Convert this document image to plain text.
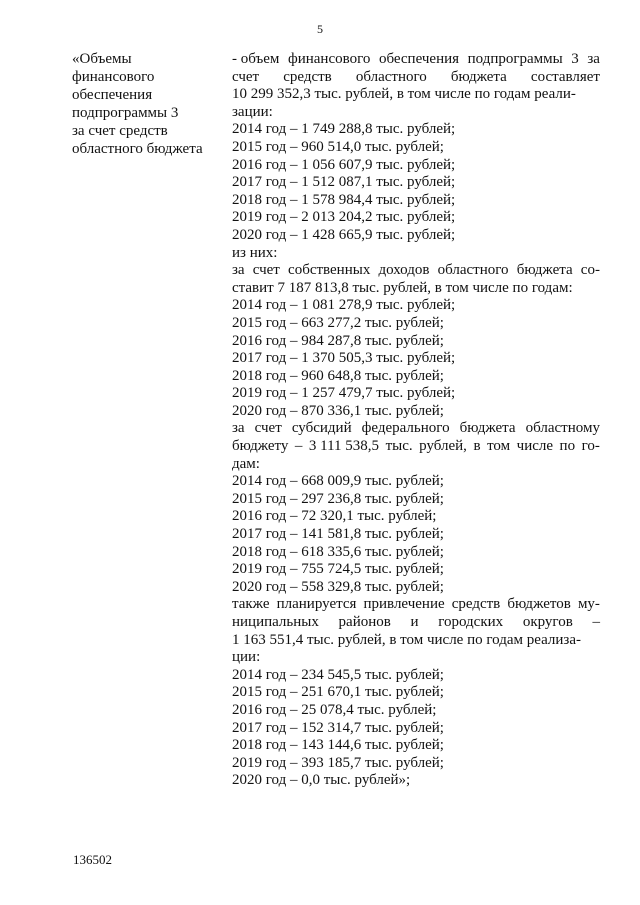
5
«Объемы
финансового
обеспечения
подпрограммы 3
за счет средств
областного бюджета
- объем финансового обеспечения подпрограммы 3 за
счет средств областного бюджета составляет
10 299 352,3 тыс. рублей, в том числе по годам реали-
зации:
2014 год – 1 749 288,8 тыс. рублей;
2015 год – 960 514,0 тыс. рублей;
2016 год – 1 056 607,9 тыс. рублей;
2017 год – 1 512 087,1 тыс. рублей;
2018 год – 1 578 984,4 тыс. рублей;
2019 год – 2 013 204,2 тыс. рублей;
2020 год – 1 428 665,9 тыс. рублей;
из них:
за счет собственных доходов областного бюджета со-
ставит 7 187 813,8 тыс. рублей, в том числе по годам:
2014 год – 1 081 278,9 тыс. рублей;
2015 год – 663 277,2 тыс. рублей;
2016 год – 984 287,8 тыс. рублей;
2017 год – 1 370 505,3 тыс. рублей;
2018 год – 960 648,8 тыс. рублей;
2019 год – 1 257 479,7 тыс. рублей;
2020 год – 870 336,1 тыс. рублей;
за счет субсидий федерального бюджета областному
бюджету – 3 111 538,5 тыс. рублей, в том числе по го-
дам:
2014 год – 668 009,9 тыс. рублей;
2015 год – 297 236,8 тыс. рублей;
2016 год – 72 320,1 тыс. рублей;
2017 год – 141 581,8 тыс. рублей;
2018 год – 618 335,6 тыс. рублей;
2019 год – 755 724,5 тыс. рублей;
2020 год – 558 329,8 тыс. рублей;
также планируется привлечение средств бюджетов му-
ниципальных районов и городских округов –
1 163 551,4 тыс. рублей, в том числе по годам реализа-
ции:
2014 год – 234 545,5 тыс. рублей;
2015 год – 251 670,1 тыс. рублей;
2016 год – 25 078,4 тыс. рублей;
2017 год – 152 314,7 тыс. рублей;
2018 год – 143 144,6 тыс. рублей;
2019 год – 393 185,7 тыс. рублей;
2020 год – 0,0 тыс. рублей»;
136502
